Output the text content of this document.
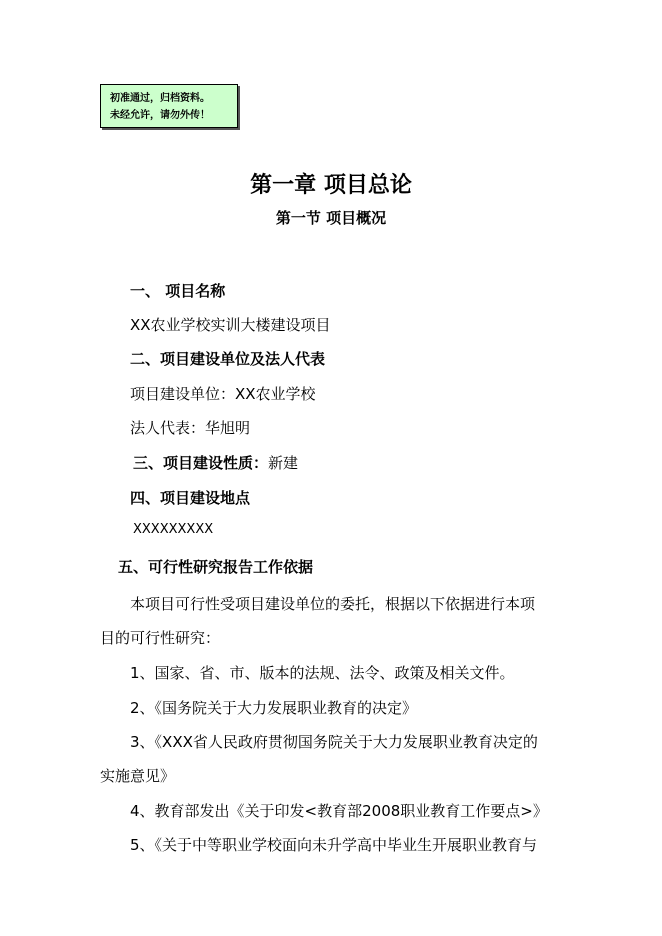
初准通过，归档资料。
未经允许，请勿外传！
第一章 项目总论
第一节 项目概况
一、 项目名称
XX农业学校实训大楼建设项目
二、项目建设单位及法人代表
项目建设单位：XX农业学校
法人代表：华旭明
三、项目建设性质：新建
四、项目建设地点
XXXXXXXXX
五、可行性研究报告工作依据
本项目可行性受项目建设单位的委托，根据以下依据进行本项
目的可行性研究：
1、国家、省、市、版本的法规、法令、政策及相关文件。
2、《国务院关于大力发展职业教育的决定》
3、《XXX省人民政府贯彻国务院关于大力发展职业教育决定的
实施意见》
4、教育部发出《关于印发<教育部2008职业教育工作要点>》
5、《关于中等职业学校面向未升学高中毕业生开展职业教育与
